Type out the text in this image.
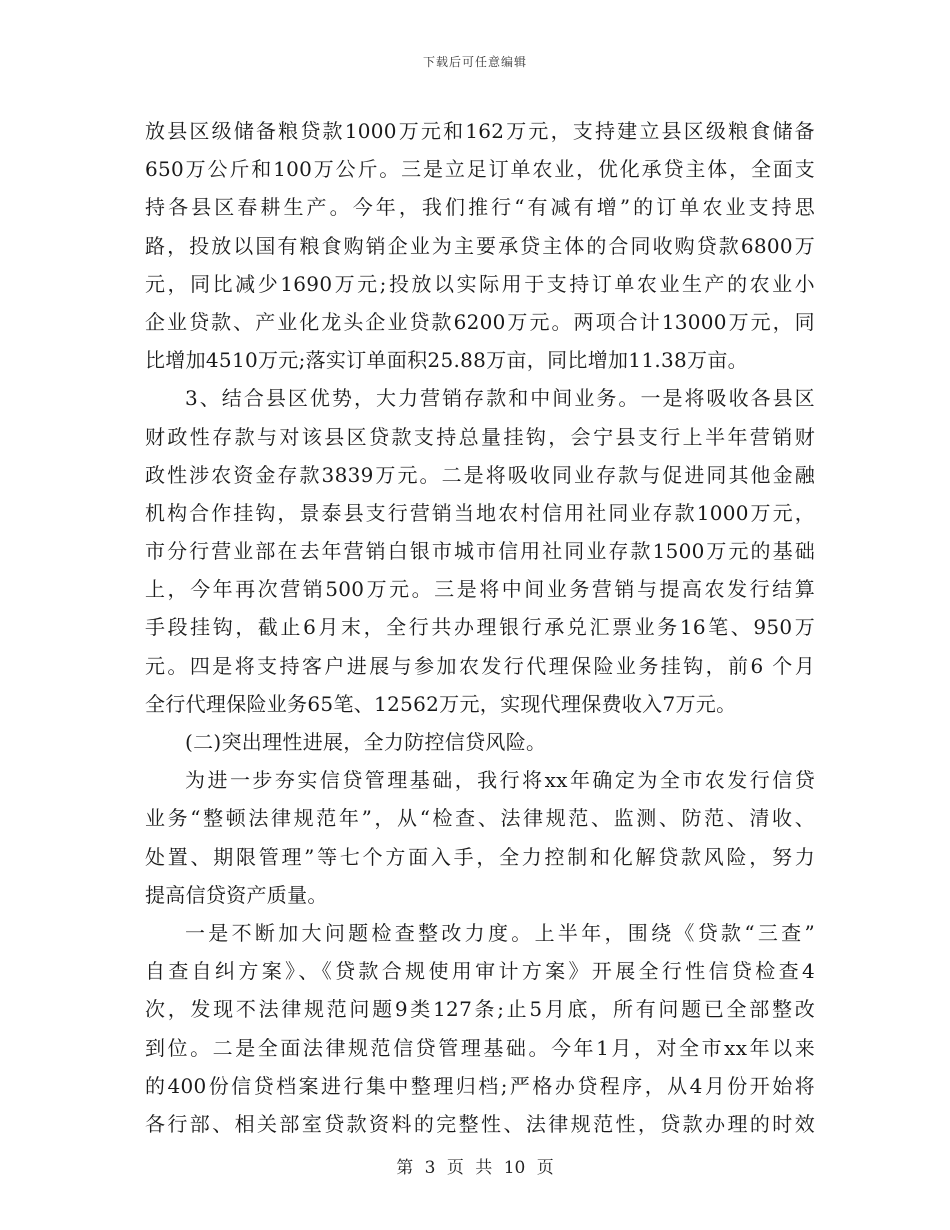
下载后可任意编辑
放县区级储备粮贷款1000万元和162万元，支持建立县区级粮食储备
650万公斤和100万公斤。三是立足订单农业，优化承贷主体，全面支
持各县区春耕生产。今年，我们推行“有减有增”的订单农业支持思
路，投放以国有粮食购销企业为主要承贷主体的合同收购贷款6800万
元，同比减少1690万元;投放以实际用于支持订单农业生产的农业小
企业贷款、产业化龙头企业贷款6200万元。两项合计13000万元，同
比增加4510万元;落实订单面积25.88万亩，同比增加11.38万亩。
3、结合县区优势，大力营销存款和中间业务。一是将吸收各县区
财政性存款与对该县区贷款支持总量挂钩，会宁县支行上半年营销财
政性涉农资金存款3839万元。二是将吸收同业存款与促进同其他金融
机构合作挂钩，景泰县支行营销当地农村信用社同业存款1000万元，
市分行营业部在去年营销白银市城市信用社同业存款1500万元的基础
上，今年再次营销500万元。三是将中间业务营销与提高农发行结算
手段挂钩，截止6月末，全行共办理银行承兑汇票业务16笔、950万
元。四是将支持客户进展与参加农发行代理保险业务挂钩，前6 个月
全行代理保险业务65笔、12562万元，实现代理保费收入7万元。
(二)突出理性进展，全力防控信贷风险。
为进一步夯实信贷管理基础，我行将xx年确定为全市农发行信贷
业务“整顿法律规范年”，从“检查、法律规范、监测、防范、清收、
处置、期限管理”等七个方面入手，全力控制和化解贷款风险，努力
提高信贷资产质量。
一是不断加大问题检查整改力度。上半年，围绕《贷款“三查”
自查自纠方案》、《贷款合规使用审计方案》开展全行性信贷检查4
次，发现不法律规范问题9类127条;止5月底，所有问题已全部整改
到位。二是全面法律规范信贷管理基础。今年1月，对全市xx年以来
的400份信贷档案进行集中整理归档;严格办贷程序，从4月份开始将
各行部、相关部室贷款资料的完整性、法律规范性，贷款办理的时效
第 3 页 共 10 页
